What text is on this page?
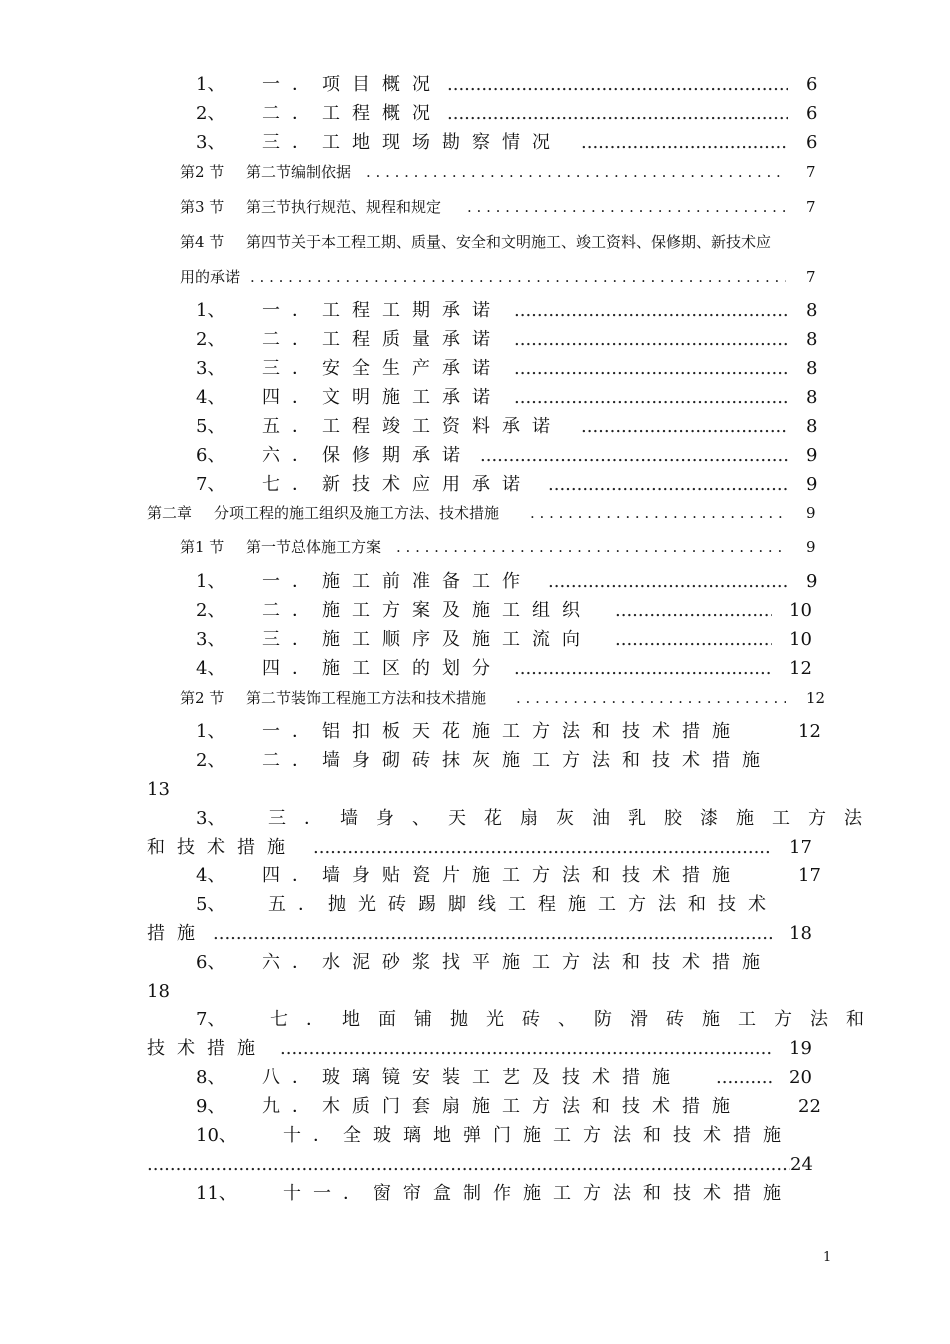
1、 一．项目概况 .....	6
2、 二．工程概况 .....	6
3、 三．工地现场勘察情况 .....	6
第2 节 第二节编制依据 . . .	7
第3 节 第三节执行规范、规程和规定 . . .	7
第4 节 第四节关于本工程工期、质量、安全和文明施工、竣工资料、保修期、新技术应
用的承诺 . . .	7
1、 一．工程工期承诺 .....	8
2、 二．工程质量承诺 .....	8
3、 三．安全生产承诺 .....	8
4、 四．文明施工承诺 .....	8
5、 五．工程竣工资料承诺 .....	8
6、 六．保修期承诺 .....	9
7、 七．新技术应用承诺 .....	9
第二章 分项工程的施工组织及施工方法、技术措施 . . .	9
第1 节 第一节总体施工方案 . . .	9
1、 一．施工前准备工作 .....	9
2、 二．施工方案及施工组织 .....	10
3、 三．施工顺序及施工流向 .....	10
4、 四．施工区的划分 .....	12
第2 节 第二节装饰工程施工方法和技术措施 . . .	12
1、 一．铝扣板天花施工方法和技术措施	12
2、 二．墙身砌砖抹灰施工方法和技术措施
13
3、 三．墙身、天花扇灰油乳胶漆施工方法
和技术措施 .....	17
4、 四．墙身贴瓷片施工方法和技术措施	17
5、 五．抛光砖踢脚线工程施工方法和技术
措施 .....	18
6、 六．水泥砂浆找平施工方法和技术措施
18
7、 七．地面铺抛光砖、防滑砖施工方法和
技术措施 .....	19
8、 八．玻璃镜安装工艺及技术措施 .....	20
9、 九．木质门套扇施工方法和技术措施	22
10、	十．全玻璃地弹门施工方法和技术措施
.....
24
11、	十一．窗帘盒制作施工方法和技术措施
1
